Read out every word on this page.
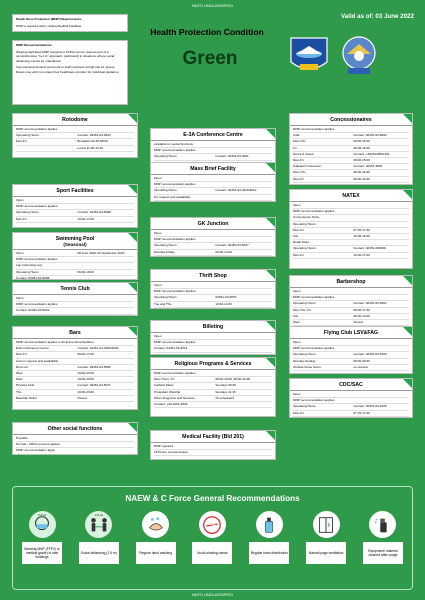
NATO UNCLASSIFIED
Valid as of: 03 June 2022
Health Protection Condition
Green

Mouth Nose Protection (MNP) Requirements:

MNP is required when visiting Medical Facilities.

MNP Recommendations:

Wearing well-fitted MNP (surgical or FFP2) can be used as part of a comprehensive "3+1 G" approach, particularly in situations where social distancing cannot be maintained.

Immunocompromised personnel or staff members at high risk for severe illness may wish to contact their healthcare provider for individual guidance.

Rotodome
MNP recommendation applies
Operating Hours	Contact: 02451-63-6623
Mon-Fri	Breakfast 06:30-08:00
Lunch 11:00-13:30
Sport Facilities
Open
MNP recommendation applies
Operating Hours	Contact: 02451-63-5098
Mon-Fri	10:00-17:00
Swimming Pool
(Seasonal)
Open	08 June 2022-30 September 2022
MNP recommendation applies
Lap swimming only
Operating Hours	06:00-19:00
Contact: 02451-63-5098
Tennis Club
Open
MNP recommendation applies
Contact: 02451-63-5041
Bars
MNP recommendation applies in all active listed facilities
E3A Conference Centre	Contact: 02451-63-4000/4062
Mon-Fri	09:00-17:00
And on request and availability
Red Lion	Contact: 02451-63-5066
Wed	19:00-23:00
Wed	19:00-23:00
Privates Club	Contact: 02451-63-5071
Thu	19:00-23:00
Bavarian Keller	Closed
Other social functions
Possible
Normal - CRAG process applies
MNP recommendation apply
E-3A Conference Centre
Available for social functions
MNP recommendation applies
Operating Hours	Contact: 02451-63-4061
Mass Brief Facility
Open
MNP recommendation applies
Operating Hours	Contact: 02451-63-4610/4612
On request and availability
GK Junction
Open
MNP recommendation applies
Operating Hours	Contact: 02451-63-6027
Monday-Friday	09:00-14:00
Thrift Shop
Open
MNP recommendation applies
Operating Hours	02451-63-6875
Tue and Thu	10:00-14:00
Billeting
Open
MNP recommendation applies
Contact: 02451-63-3514
Religious Programs & Services
MNP recommendation applies
Mon-Thurs, Fri	08:00-16:00, 08:00-12:00
Catholic Mass	Sundays 09:30
Protestant Worship	Sundays 11:15
Other Programs and Services	As scheduled
Contact: +49-2451-9930
Medical Facility (Bld 201)
MNP required
FFP2 are recommended
Concessionaires
MNP recommendation applies
Café	Contact: 02451-63-8062
Mon-Thu	09:00-15:00
Fri	09:00-15:00
Greek & Greek	Contact: +4915225591161
Mon-Fri	09:00-15:00
Kalipasch Insurance	Contact: 02451-3893
Mon-Thu	09:00-16:00
Mon-Fri	09:00-13:00
NATEX
Open
MNP recommendation applies
Convenience Store
Operating Hours
Mon-Fri	07:30-17:00
Sat	10:00-15:00
Retail Store
Operating Hours	Contact: 02451-630289
Mon-Fri	10:00-17:00
Barbershop
Open
MNP recommendation applies
Operating Hours	Contact: 02451-63-5081
Mon-Thu, Fri	09:00-17:00
Sat	09:00-13:00
Wed	Closed
Flying Club LSV&FAG
Open
MNP recommendation applies
Operating Hours	Contact: 02451-63-5484
Monday-Sunday	09:00-20:00
Outside these hours:	on request
CDC/SAC
Open
MNP recommendation applies
Operating Hours	Contact: 02451-63-2205
Mon-Fri	07:15-17:30
NAEW & C Force General Recommendations
1.5 m
Wearing MNP (FFP2) or medical grade) in side buildings
1.5 m
Social distancing (1.5 m)	Regular hand washing	Avoid shaking hands	Regular hand disinfection	Natural page ventilation
Equipment/ material cleaned after usage
NATO UNCLASSIFIED
